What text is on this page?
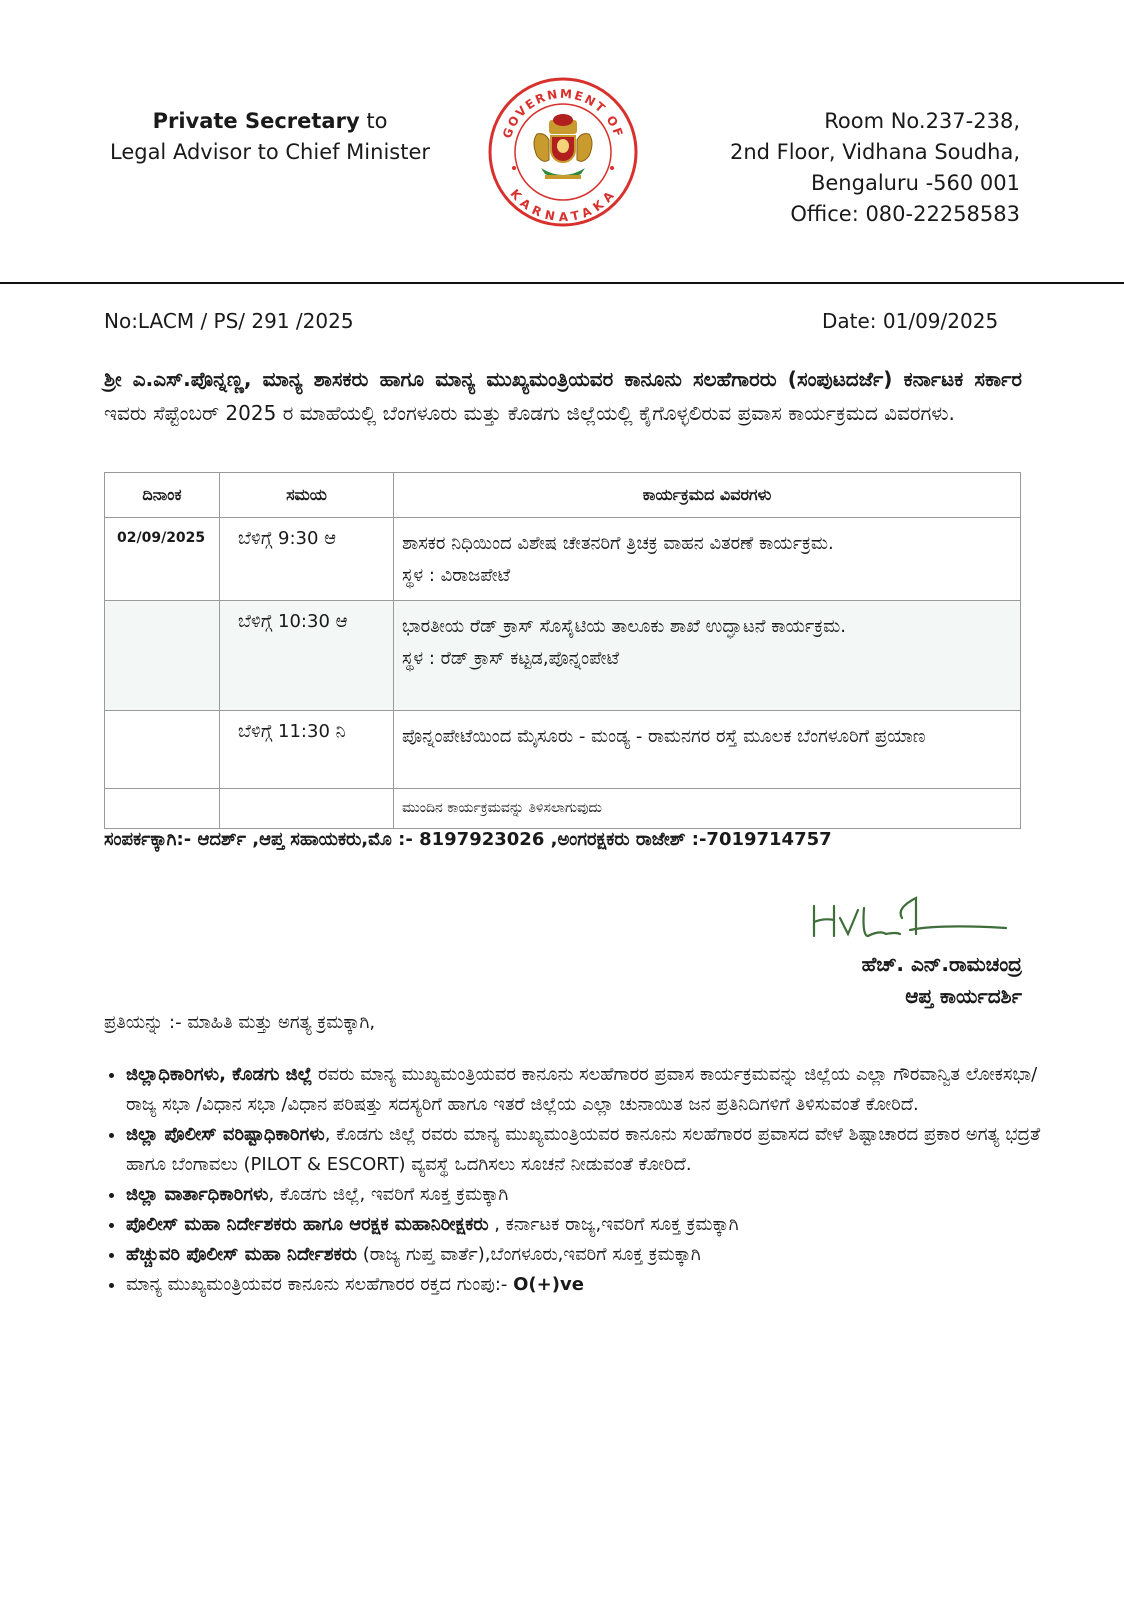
Private Secretary to
Legal Advisor to Chief Minister
GOVERNMENT OF
KARNATAKA
Room No.237-238,
2nd Floor, Vidhana Soudha,
Bengaluru -560 001
Office: 080-22258583
No:LACM / PS/ 291 /2025	Date: 01/09/2025
ಶ್ರೀ ಎ.ಎಸ್.ಪೊನ್ನಣ್ಣ, ಮಾನ್ಯ ಶಾಸಕರು ಹಾಗೂ ಮಾನ್ಯ ಮುಖ್ಯಮಂತ್ರಿಯವರ ಕಾನೂನು ಸಲಹೆಗಾರರು (ಸಂಪುಟದರ್ಜೆ) ಕರ್ನಾಟಕ ಸರ್ಕಾರ ಇವರು ಸೆಪ್ಟೆಂಬರ್ 2025 ರ ಮಾಹೆಯಲ್ಲಿ ಬೆಂಗಳೂರು ಮತ್ತು ಕೊಡಗು ಜಿಲ್ಲೆಯಲ್ಲಿ ಕೈಗೊಳ್ಳಲಿರುವ ಪ್ರವಾಸ ಕಾರ್ಯಕ್ರಮದ ವಿವರಗಳು.
ದಿನಾಂಕ	ಸಮಯ	ಕಾರ್ಯಕ್ರಮದ ವಿವರಗಳು
02/09/2025	ಬೆಳಿಗ್ಗೆ 9:30 ಆ	ಶಾಸಕರ ನಿಧಿಯಿಂದ ವಿಶೇಷ ಚೇತನರಿಗೆ ತ್ರಿಚಕ್ರ ವಾಹನ ವಿತರಣೆ ಕಾರ್ಯಕ್ರಮ.
ಸ್ಥಳ : ವಿರಾಜಪೇಟೆ

	ಬೆಳಿಗ್ಗೆ 10:30 ಆ	ಭಾರತೀಯ ರೆಡ್ ಕ್ರಾಸ್ ಸೊಸೈಟಿಯ ತಾಲೂಕು ಶಾಖೆ ಉದ್ಘಾಟನೆ ಕಾರ್ಯಕ್ರಮ.
ಸ್ಥಳ : ರೆಡ್ ಕ್ರಾಸ್ ಕಟ್ಟಡ,ಪೊನ್ನಂಪೇಟೆ

	ಬೆಳಿಗ್ಗೆ 11:30 ನಿ	ಪೊನ್ನಂಪೇಟೆಯಿಂದ ಮೈಸೂರು - ಮಂಡ್ಯ - ರಾಮನಗರ ರಸ್ತೆ ಮೂಲಕ ಬೆಂಗಳೂರಿಗೆ ಪ್ರಯಾಣ

		ಮುಂದಿನ ಕಾರ್ಯಕ್ರಮವನ್ನು ತಿಳಿಸಲಾಗುವುದು
ಸಂಪರ್ಕಕ್ಕಾಗಿ:- ಆದರ್ಶ್ ,ಆಪ್ತ ಸಹಾಯಕರು,ಮೊ :- 8197923026 ,ಅಂಗರಕ್ಷಕರು ರಾಜೇಶ್ :-7019714757
ಹೆಚ್. ಎನ್.ರಾಮಚಂದ್ರ
ಆಪ್ತ ಕಾರ್ಯದರ್ಶಿ
ಪ್ರತಿಯನ್ನು :- ಮಾಹಿತಿ ಮತ್ತು ಅಗತ್ಯ ಕ್ರಮಕ್ಕಾಗಿ,
• ಜಿಲ್ಲಾಧಿಕಾರಿಗಳು, ಕೊಡಗು ಜಿಲ್ಲೆ ರವರು ಮಾನ್ಯ ಮುಖ್ಯಮಂತ್ರಿಯವರ ಕಾನೂನು ಸಲಹೆಗಾರರ ಪ್ರವಾಸ ಕಾರ್ಯಕ್ರಮವನ್ನು ಜಿಲ್ಲೆಯ ಎಲ್ಲಾ ಗೌರವಾನ್ವಿತ ಲೋಕಸಭಾ/ರಾಜ್ಯ ಸಭಾ /ವಿಧಾನ ಸಭಾ /ವಿಧಾನ ಪರಿಷತ್ತು ಸದಸ್ಯರಿಗೆ ಹಾಗೂ ಇತರೆ ಜಿಲ್ಲೆಯ ಎಲ್ಲಾ ಚುನಾಯಿತ ಜನ ಪ್ರತಿನಿದಿಗಳಿಗೆ ತಿಳಿಸುವಂತೆ ಕೋರಿದೆ.
• ಜಿಲ್ಲಾ ಪೊಲೀಸ್ ವರಿಷ್ಟಾಧಿಕಾರಿಗಳು, ಕೊಡಗು ಜಿಲ್ಲೆ ರವರು ಮಾನ್ಯ ಮುಖ್ಯಮಂತ್ರಿಯವರ ಕಾನೂನು ಸಲಹೆಗಾರರ ಪ್ರವಾಸದ ವೇಳೆ ಶಿಷ್ಟಾಚಾರದ ಪ್ರಕಾರ ಅಗತ್ಯ ಭದ್ರತೆ ಹಾಗೂ ಬೆಂಗಾವಲು (PILOT & ESCORT) ವ್ಯವಸ್ಥೆ ಒದಗಿಸಲು ಸೂಚನೆ ನೀಡುವಂತೆ ಕೋರಿದೆ.
• ಜಿಲ್ಲಾ ವಾರ್ತಾಧಿಕಾರಿಗಳು, ಕೊಡಗು ಜಿಲ್ಲೆ, ಇವರಿಗೆ ಸೂಕ್ತ ಕ್ರಮಕ್ಕಾಗಿ
• ಪೊಲೀಸ್ ಮಹಾ ನಿರ್ದೇಶಕರು ಹಾಗೂ ಆರಕ್ಷಕ ಮಹಾನಿರೀಕ್ಷಕರು , ಕರ್ನಾಟಕ ರಾಜ್ಯ,ಇವರಿಗೆ ಸೂಕ್ತ ಕ್ರಮಕ್ಕಾಗಿ
• ಹೆಚ್ಚುವರಿ ಪೊಲೀಸ್ ಮಹಾ ನಿರ್ದೇಶಕರು (ರಾಜ್ಯ ಗುಪ್ತ ವಾರ್ತೆ),ಬೆಂಗಳೂರು,ಇವರಿಗೆ ಸೂಕ್ತ ಕ್ರಮಕ್ಕಾಗಿ
• ಮಾನ್ಯ ಮುಖ್ಯಮಂತ್ರಿಯವರ ಕಾನೂನು ಸಲಹೆಗಾರರ ರಕ್ತದ ಗುಂಪು:- O(+)ve
